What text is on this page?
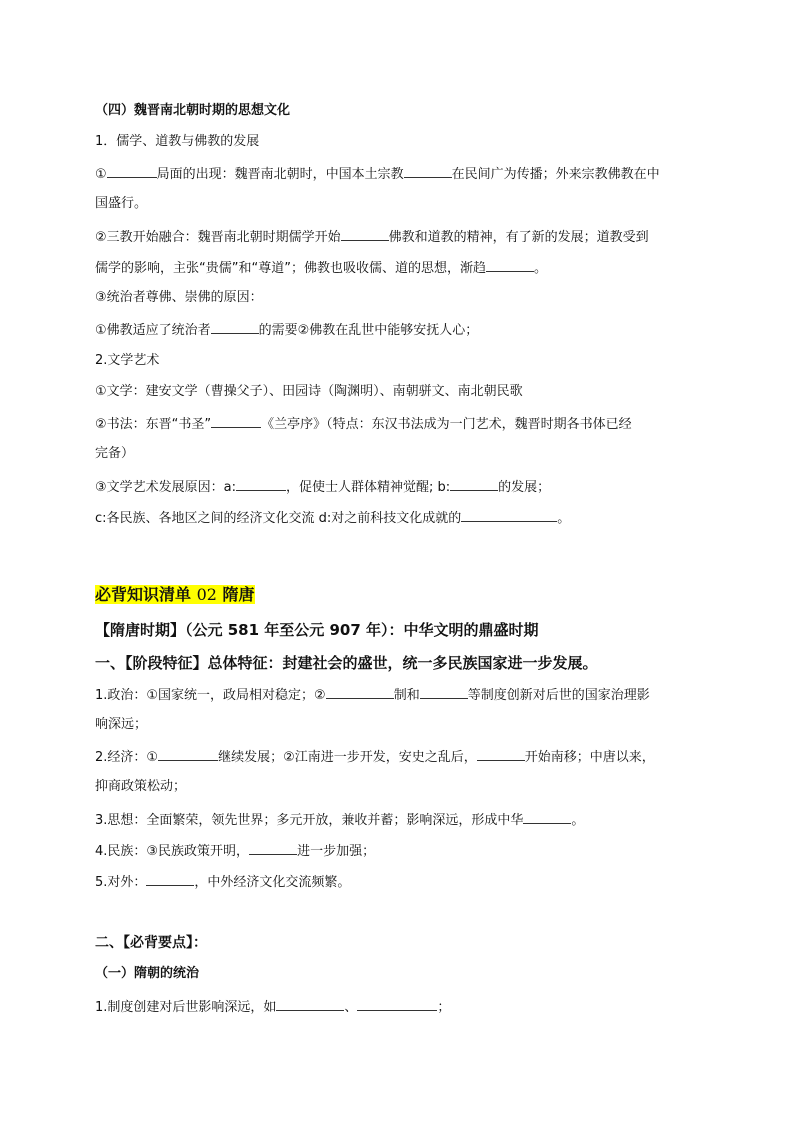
（四）魏晋南北朝时期的思想文化
1．儒学、道教与佛教的发展
①	局面的出现：魏晋南北朝时，中国本土宗教	在民间广为传播；外来宗教佛教在中
国盛行。
②三教开始融合：魏晋南北朝时期儒学开始	佛教和道教的精神，有了新的发展；道教受到
儒学的影响，主张“贵儒”和“尊道”；佛教也吸收儒、道的思想，渐趋	。
③统治者尊佛、崇佛的原因：
①佛教适应了统治者	的需要②佛教在乱世中能够安抚人心；
2.文学艺术
①文学：建安文学（曹操父子）、田园诗（陶渊明）、南朝骈文、南北朝民歌
②书法：东晋“书圣”	《兰亭序》（特点：东汉书法成为一门艺术，魏晋时期各书体已经
完备）
③文学艺术发展原因：a:	，促使士人群体精神觉醒; b:	的发展；
c:各民族、各地区之间的经济文化交流 d:对之前科技文化成就的	。
必背知识清单 02 隋唐
【隋唐时期】（公元 581 年至公元 907 年）：中华文明的鼎盛时期
一、【阶段特征】总体特征：封建社会的盛世，统一多民族国家进一步发展。
1.政治：①国家统一，政局相对稳定；②	制和	等制度创新对后世的国家治理影
响深远；
2.经济：①	继续发展；②江南进一步开发，安史之乱后，	开始南移；中唐以来，
抑商政策松动；
3.思想：全面繁荣，领先世界；多元开放，兼收并蓄；影响深远，形成中华	。
4.民族：③民族政策开明，	进一步加强；
5.对外：	，中外经济文化交流频繁。
二、【必背要点】：
（一）隋朝的统治
1.制度创建对后世影响深远，如	、	；
